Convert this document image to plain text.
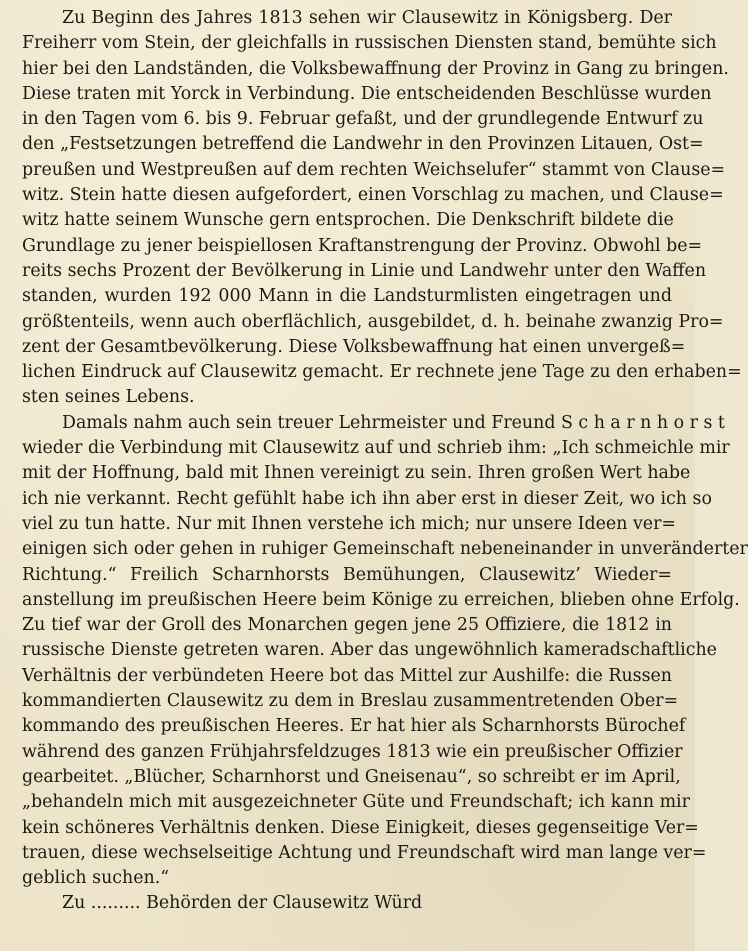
Zu Beginn des Jahres 1813 sehen wir Clausewitz in Königsberg. Der
Freiherr vom Stein, der gleichfalls in russischen Diensten stand, bemühte sich
hier bei den Landständen, die Volksbewaffnung der Provinz in Gang zu bringen.
Diese traten mit Yorck in Verbindung. Die entscheidenden Beschlüsse wurden
in den Tagen vom 6. bis 9. Februar gefaßt, und der grundlegende Entwurf zu
den „Festsetzungen betreffend die Landwehr in den Provinzen Litauen, Ost=
preußen und Westpreußen auf dem rechten Weichselufer“ stammt von Clause=
witz. Stein hatte diesen aufgefordert, einen Vorschlag zu machen, und Clause=
witz hatte seinem Wunsche gern entsprochen. Die Denkschrift bildete die
Grundlage zu jener beispiellosen Kraftanstrengung der Provinz. Obwohl be=
reits sechs Prozent der Bevölkerung in Linie und Landwehr unter den Waffen
standen, wurden 192 000 Mann in die Landsturmlisten eingetragen und
größtenteils, wenn auch oberflächlich, ausgebildet, d. h. beinahe zwanzig Pro=
zent der Gesamtbevölkerung. Diese Volksbewaffnung hat einen unvergeß=
lichen Eindruck auf Clausewitz gemacht. Er rechnete jene Tage zu den erhaben=
sten seines Lebens.
Damals nahm auch sein treuer Lehrmeister und Freund S c h a r n h o r s t
wieder die Verbindung mit Clausewitz auf und schrieb ihm: „Ich schmeichle mir
mit der Hoffnung, bald mit Ihnen vereinigt zu sein. Ihren großen Wert habe
ich nie verkannt. Recht gefühlt habe ich ihn aber erst in dieser Zeit, wo ich so
viel zu tun hatte. Nur mit Ihnen verstehe ich mich; nur unsere Ideen ver=
einigen sich oder gehen in ruhiger Gemeinschaft nebeneinander in unveränderter
Richtung.“ Freilich Scharnhorsts Bemühungen, Clausewitz’ Wieder=
anstellung im preußischen Heere beim Könige zu erreichen, blieben ohne Erfolg.
Zu tief war der Groll des Monarchen gegen jene 25 Offiziere, die 1812 in
russische Dienste getreten waren. Aber das ungewöhnlich kameradschaftliche
Verhältnis der verbündeten Heere bot das Mittel zur Aushilfe: die Russen
kommandierten Clausewitz zu dem in Breslau zusammentretenden Ober=
kommando des preußischen Heeres. Er hat hier als Scharnhorsts Bürochef
während des ganzen Frühjahrsfeldzuges 1813 wie ein preußischer Offizier
gearbeitet. „Blücher, Scharnhorst und Gneisenau“, so schreibt er im April,
„behandeln mich mit ausgezeichneter Güte und Freundschaft; ich kann mir
kein schöneres Verhältnis denken. Diese Einigkeit, dieses gegenseitige Ver=
trauen, diese wechselseitige Achtung und Freundschaft wird man lange ver=
geblich suchen.“
Zu ......... Behörden der Clausewitz Würd
